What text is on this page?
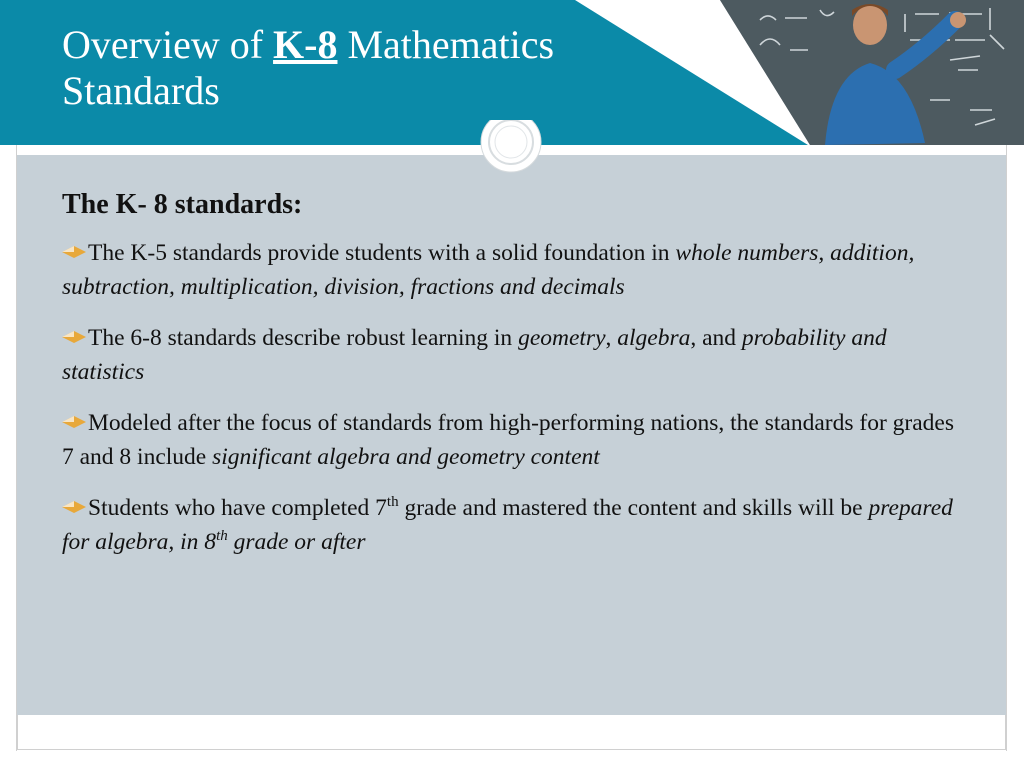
Overview of K-8 Mathematics
Standards
The K- 8 standards:
The K-5 standards provide students with a solid foundation in whole numbers, addition, subtraction, multiplication, division, fractions and decimals
The 6-8 standards describe robust learning in geometry, algebra, and probability and statistics
Modeled after the focus of standards from high-performing nations, the standards for grades 7 and 8 include significant algebra and geometry content
Students who have completed 7th grade and mastered the content and skills will be prepared for algebra, in 8th grade or after
